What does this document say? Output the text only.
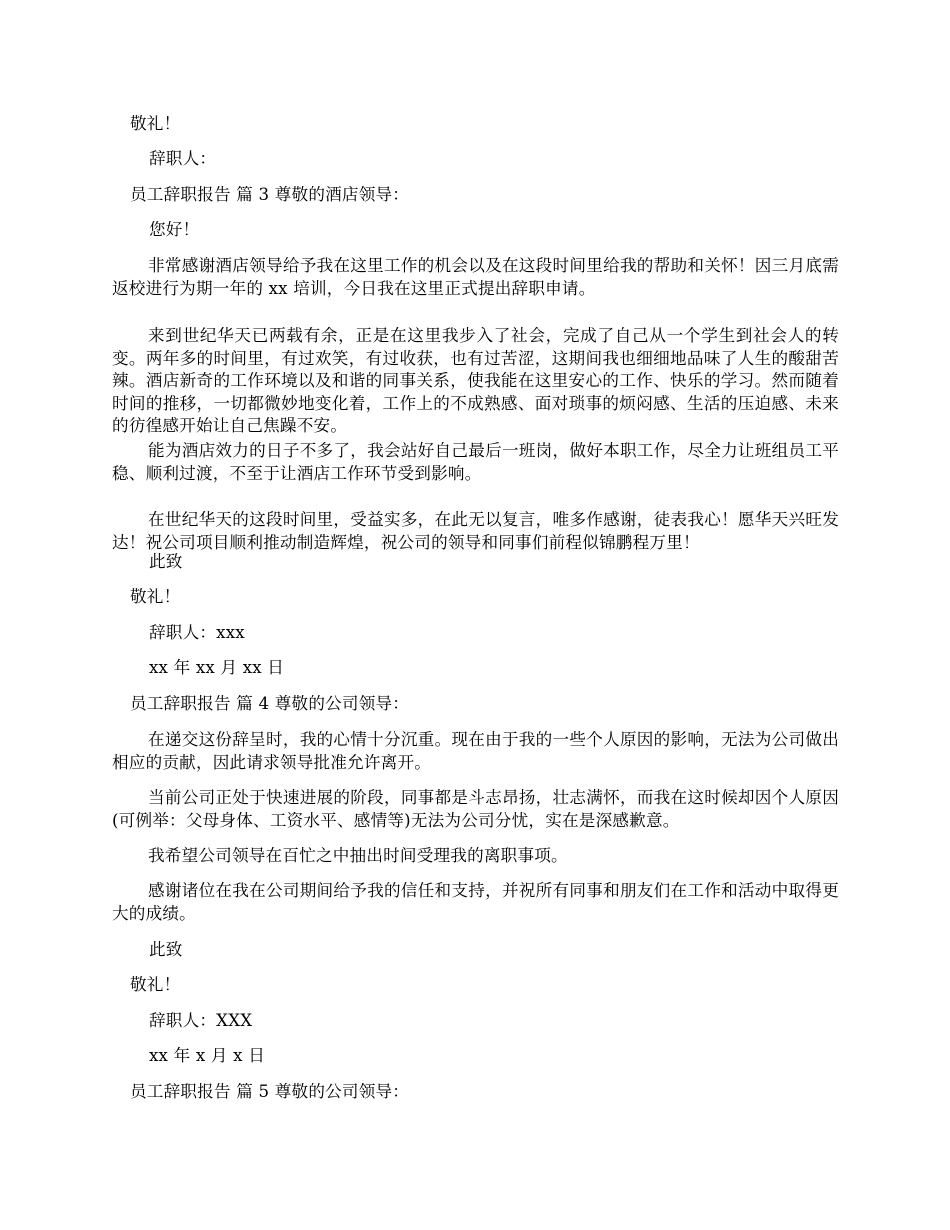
敬礼！
辞职人：
员工辞职报告 篇 3 尊敬的酒店领导：
您好！
非常感谢酒店领导给予我在这里工作的机会以及在这段时间里给我的帮助和关怀！因三月底需返校进行为期一年的 xx 培训，今日我在这里正式提出辞职申请。
来到世纪华天已两载有余，正是在这里我步入了社会，完成了自己从一个学生到社会人的转变。两年多的时间里，有过欢笑，有过收获，也有过苦涩，这期间我也细细地品味了人生的酸甜苦辣。酒店新奇的工作环境以及和谐的同事关系，使我能在这里安心的工作、快乐的学习。然而随着时间的推移，一切都微妙地变化着，工作上的不成熟感、面对琐事的烦闷感、生活的压迫感、未来的彷徨感开始让自己焦躁不安。
能为酒店效力的日子不多了，我会站好自己最后一班岗，做好本职工作，尽全力让班组员工平稳、顺利过渡，不至于让酒店工作环节受到影响。
在世纪华天的这段时间里，受益实多，在此无以复言，唯多作感谢，徒表我心！愿华天兴旺发达！祝公司项目顺利推动制造辉煌，祝公司的领导和同事们前程似锦鹏程万里！
此致
敬礼！
辞职人：xxx
xx 年 xx 月 xx 日
员工辞职报告 篇 4 尊敬的公司领导：
在递交这份辞呈时，我的心情十分沉重。现在由于我的一些个人原因的影响，无法为公司做出相应的贡献，因此请求领导批准允许离开。
当前公司正处于快速进展的阶段，同事都是斗志昂扬，壮志满怀，而我在这时候却因个人原因(可例举：父母身体、工资水平、感情等)无法为公司分忧，实在是深感歉意。
我希望公司领导在百忙之中抽出时间受理我的离职事项。
感谢诸位在我在公司期间给予我的信任和支持，并祝所有同事和朋友们在工作和活动中取得更大的成绩。
此致
敬礼！
辞职人：XXX
xx 年 x 月 x 日
员工辞职报告 篇 5 尊敬的公司领导：
